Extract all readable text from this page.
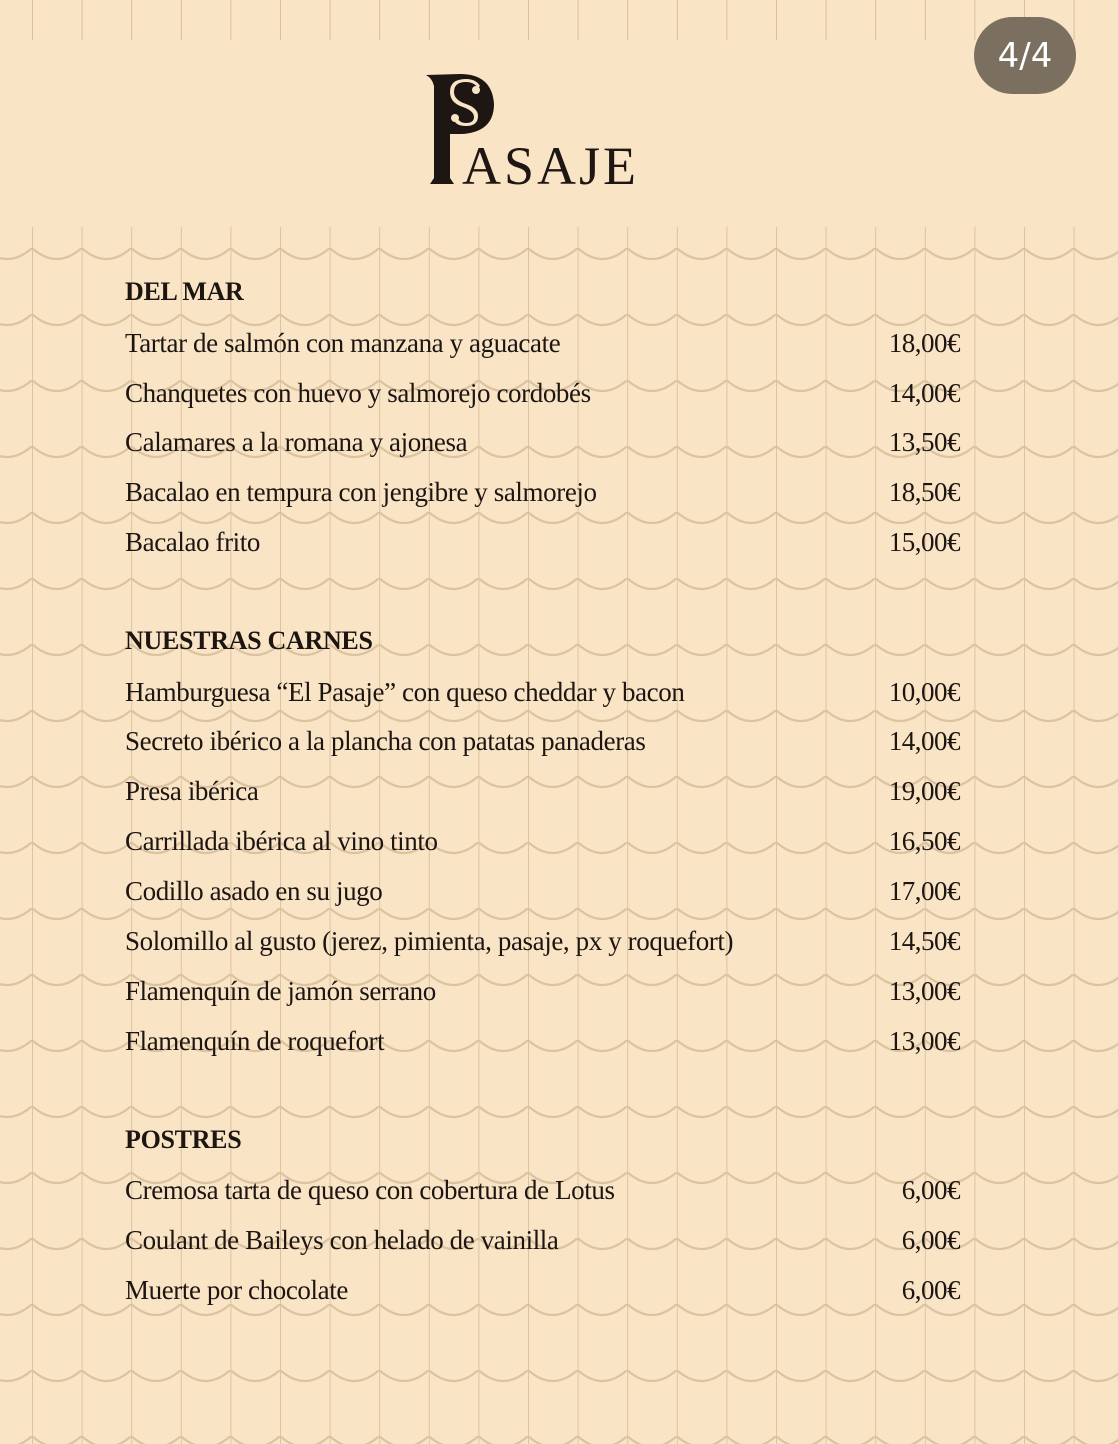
4/4
ASAJE
DEL MAR
Tartar de salmón con manzana y aguacate	18,00€
Chanquetes con huevo y salmorejo cordobés	14,00€
Calamares a la romana y ajonesa	13,50€
Bacalao en tempura con jengibre y salmorejo	18,50€
Bacalao frito	15,00€
NUESTRAS CARNES
Hamburguesa “El Pasaje” con queso cheddar y bacon	10,00€
Secreto ibérico a la plancha con patatas panaderas	14,00€
Presa ibérica	19,00€
Carrillada ibérica al vino tinto	16,50€
Codillo asado en su jugo	17,00€
Solomillo al gusto (jerez, pimienta, pasaje, px y roquefort)	14,50€
Flamenquín de jamón serrano	13,00€
Flamenquín de roquefort	13,00€
POSTRES
Cremosa tarta de queso con cobertura de Lotus	6,00€
Coulant de Baileys con helado de vainilla	6,00€
Muerte por chocolate	6,00€
